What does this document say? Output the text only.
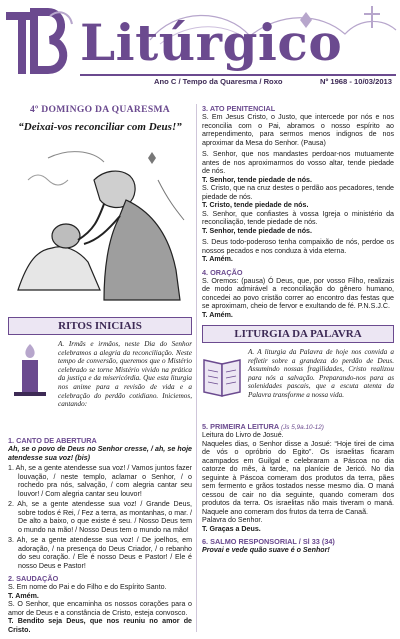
Litúrgico
Ano C / Tempo da Quaresma / Roxo	Nº 1968 - 10/03/2013
4º DOMINGO DA QUARESMA
“Deixai-vos reconciliar com Deus!”
RITOS INICIAIS
A. Irmãs e irmãos, neste Dia do Senhor celebramos a alegria da reconciliação. Neste tempo de conversão, queremos que o Mistério celebrado se torne Mistério vivido na prática da justiça e da misericórdia. Que esta liturgia nos anime para a revisão de vida e a celebração do perdão cotidiano. Iniciemos, cantando:
1. CANTO DE ABERTURA
Ah, se o povo de Deus no Senhor cresse, / ah, se hoje atendesse sua voz! (bis)
1. Ah, se a gente atendesse sua voz! / Vamos juntos fazer louvação, / neste templo, aclamar o Senhor, / o rochedo pra nós, salvação, / com alegria cantar seu louvor! / Com alegria cantar seu louvor!
2. Ah, se a gente atendesse sua voz! / Grande Deus, sobre todos é Rei, / Fez a terra, as montanhas, o mar. / De alto a baixo, o que existe é seu. / Nosso Deus tem o mundo na mão! / Nosso Deus tem o mundo na mão!
3. Ah, se a gente atendesse sua voz! / De joelhos, em adoração, / na presença do Deus Criador, / o rebanho do seu coração. / Ele é nosso Deus e Pastor! / Ele é nosso Deus e Pastor!
2. SAUDAÇÃO
S. Em nome do Pai e do Filho e do Espírito Santo.
T. Amém.
S. O Senhor, que encaminha os nossos corações para o amor de Deus e a constância de Cristo, esteja convosco.
T. Bendito seja Deus, que nos reuniu no amor de Cristo.
3. ATO PENITENCIAL
S. Em Jesus Cristo, o Justo, que intercede por nós e nos reconcilia com o Pai, abramos o nosso espírito ao arrependimento, para sermos menos indignos de nos aproximar da Mesa do Senhor. (Pausa)
S. Senhor, que nos mandastes perdoar-nos mutuamente antes de nos aproximarmos do vosso altar, tende piedade de nós.
T. Senhor, tende piedade de nós.
S. Cristo, que na cruz destes o perdão aos pecadores, tende piedade de nós.
T. Cristo, tende piedade de nós.
S. Senhor, que confiastes à vossa Igreja o ministério da reconciliação, tende piedade de nós.
T. Senhor, tende piedade de nós.
S. Deus todo-poderoso tenha compaixão de nós, perdoe os nossos pecados e nos conduza à vida eterna.
T. Amém.
4. ORAÇÃO
S. Oremos: (pausa) Ó Deus, que, por vosso Filho, realizais de modo admirável a reconciliação do gênero humano, concedei ao povo cristão correr ao encontro das festas que se aproximam, cheio de fervor e exultando de fé. P.N.S.J.C.
T. Amém.
LITURGIA DA PALAVRA
A. A liturgia da Palavra de hoje nos convida a refletir sobre a grandeza do perdão de Deus. Assumindo nossas fragilidades, Cristo realizou para nós a salvação. Preparando-nos para as solenidades pascais, que a escuta atenta da Palavra transforme a nossa vida.
5. PRIMEIRA LEITURA (Js 5,9a.10-12)
Leitura do Livro de Josué.
Naqueles dias, o Senhor disse a Josué: “Hoje tirei de cima de vós o opróbrio do Egito”. Os israelitas ficaram acampados em Guilgal e celebraram a Páscoa no dia catorze do mês, à tarde, na planície de Jericó. No dia seguinte à Páscoa comeram dos produtos da terra, pães sem fermento e grãos tostados nesse mesmo dia. O maná cessou de cair no dia seguinte, quando comeram dos produtos da terra. Os israelitas não mais tiveram o maná. Naquele ano comeram dos frutos da terra de Canaã.
Palavra do Senhor.
T. Graças a Deus.
6. SALMO RESPONSORIAL / Sl 33 (34)
Provai e vede quão suave é o Senhor!
